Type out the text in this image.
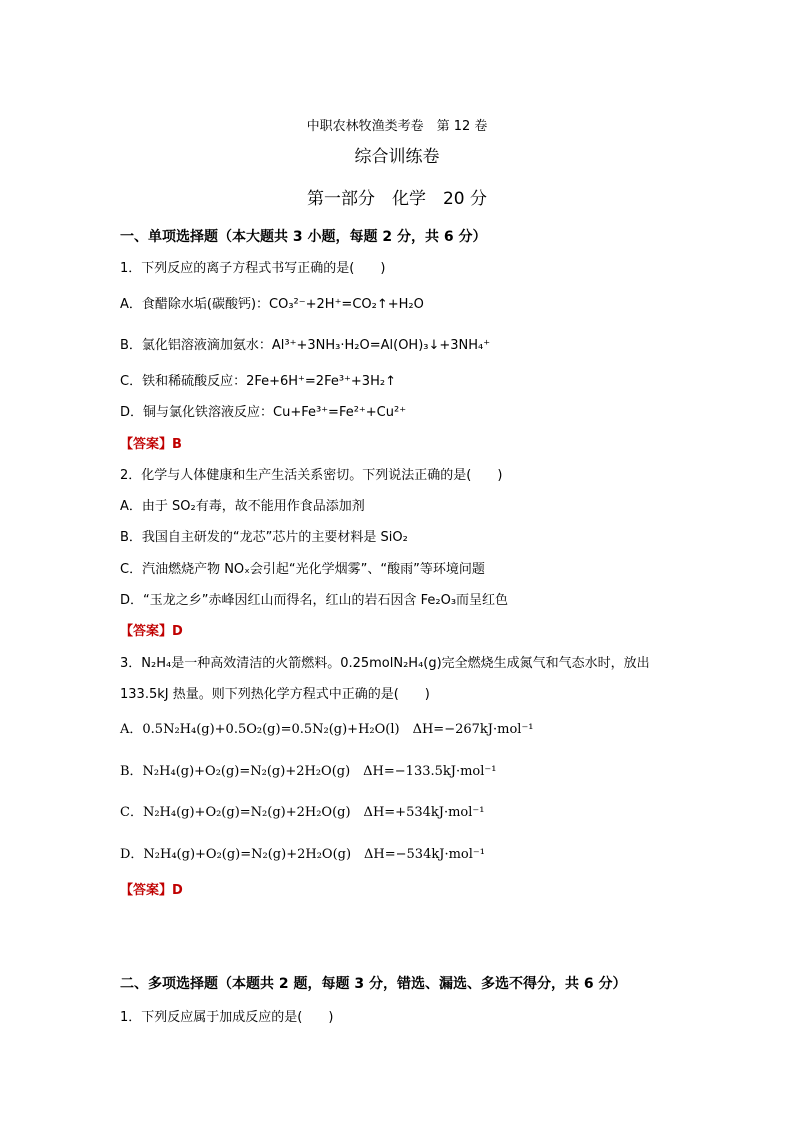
中职农林牧渔类考卷　第 12 卷
综合训练卷
第一部分　化学　20 分
一、单项选择题（本大题共 3 小题，每题 2 分，共 6 分）
1．下列反应的离子方程式书写正确的是(　　)
A．食醋除水垢(碳酸钙)：CO₃²⁻+2H⁺=CO₂↑+H₂O
B．氯化铝溶液滴加氨水：Al³⁺+3NH₃·H₂O=Al(OH)₃↓+3NH₄⁺
C．铁和稀硫酸反应：2Fe+6H⁺=2Fe³⁺+3H₂↑
D．铜与氯化铁溶液反应：Cu+Fe³⁺=Fe²⁺+Cu²⁺
【答案】B
2．化学与人体健康和生产生活关系密切。下列说法正确的是(　　)
A．由于 SO₂有毒，故不能用作食品添加剂
B．我国自主研发的“龙芯”芯片的主要材料是 SiO₂
C．汽油燃烧产物 NOₓ会引起“光化学烟雾”、“酸雨”等环境问题
D．“玉龙之乡”赤峰因红山而得名，红山的岩石因含 Fe₂O₃而呈红色
【答案】D
3．N₂H₄是一种高效清洁的火箭燃料。0.25molN₂H₄(g)完全燃烧生成氮气和气态水时，放出
133.5kJ 热量。则下列热化学方程式中正确的是(　　)
A．0.5N₂H₄(g)+0.5O₂(g)=0.5N₂(g)+H₂O(l)　ΔH=−267kJ·mol⁻¹
B．N₂H₄(g)+O₂(g)=N₂(g)+2H₂O(g)　ΔH=−133.5kJ·mol⁻¹
C．N₂H₄(g)+O₂(g)=N₂(g)+2H₂O(g)　ΔH=+534kJ·mol⁻¹
D．N₂H₄(g)+O₂(g)=N₂(g)+2H₂O(g)　ΔH=−534kJ·mol⁻¹
【答案】D
二、多项选择题（本题共 2 题，每题 3 分，错选、漏选、多选不得分，共 6 分）
1．下列反应属于加成反应的是(　　)
